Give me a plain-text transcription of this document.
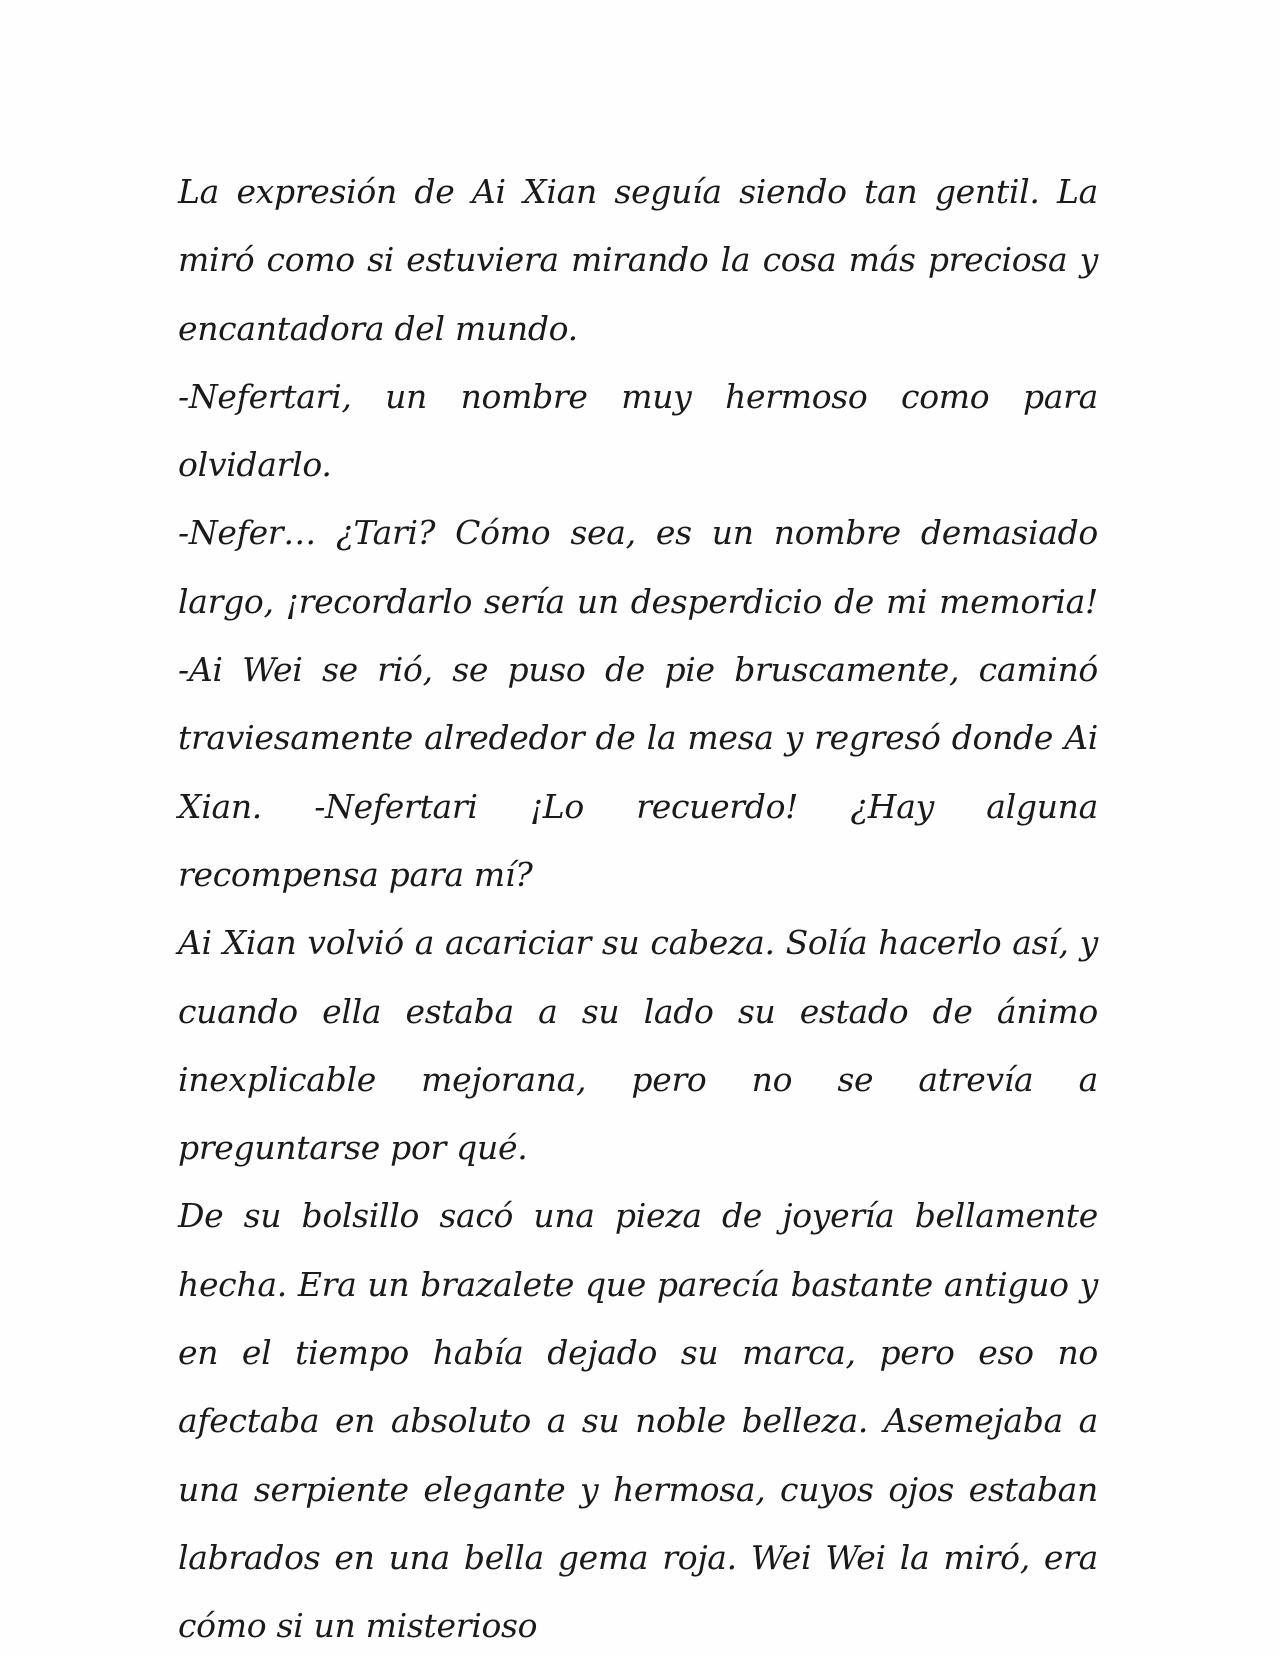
La expresión de Ai Xian seguía siendo tan gentil. La miró como si estuviera mirando la cosa más preciosa y encantadora del mundo.

-Nefertari, un nombre muy hermoso como para olvidarlo.

-Nefer… ¿Tari? Cómo sea, es un nombre demasiado largo, ¡recordarlo sería un desperdicio de mi memoria! -Ai Wei se rió, se puso de pie bruscamente, caminó traviesamente alrededor de la mesa y regresó donde Ai Xian. -Nefertari ¡Lo recuerdo! ¿Hay alguna recompensa para mí?

Ai Xian volvió a acariciar su cabeza. Solía hacerlo así, y cuando ella estaba a su lado su estado de ánimo inexplicable mejorana, pero no se atrevía a preguntarse por qué.

De su bolsillo sacó una pieza de joyería bellamente hecha. Era un brazalete que parecía bastante antiguo y en el tiempo había dejado su marca, pero eso no afectaba en absoluto a su noble belleza. Asemejaba a una serpiente elegante y hermosa, cuyos ojos estaban labrados en una bella gema roja. Wei Wei la miró, era cómo si un misterioso
